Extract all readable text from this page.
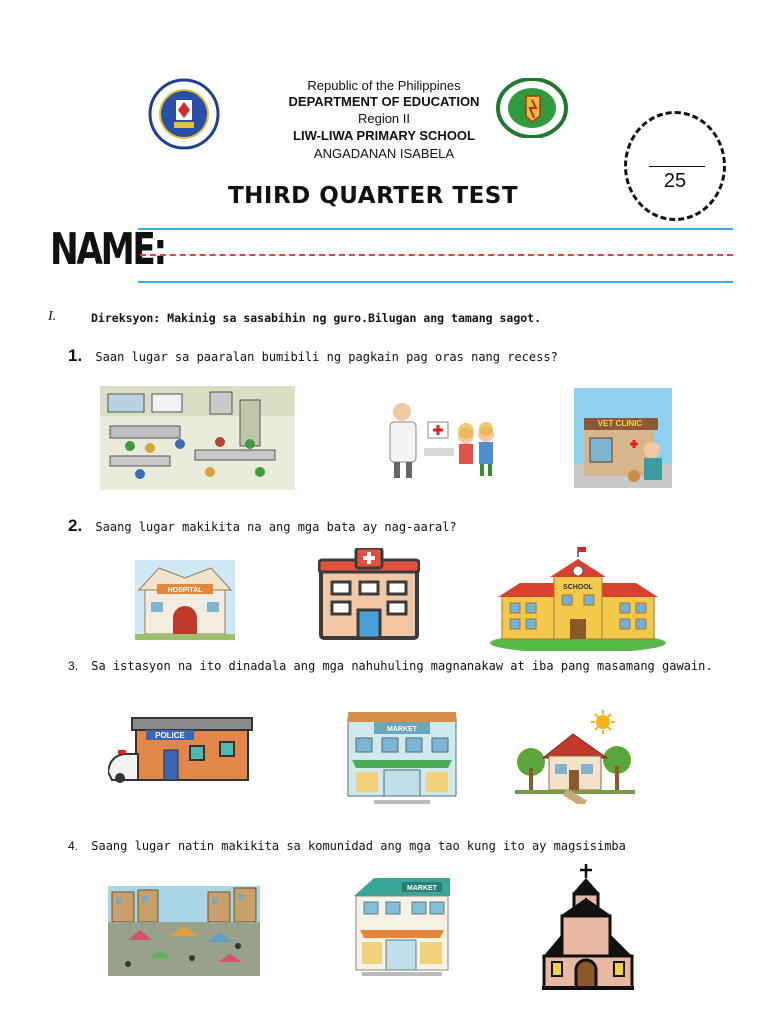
Republic of the Philippines
DEPARTMENT OF EDUCATION
Region II
LIW-LIWA PRIMARY SCHOOL
ANGADANAN ISABELA
25
THIRD QUARTER TEST
NAME:
I.	Direksyon: Makinig sa sasabihin ng guro.Bilugan ang tamang sagot.
1. Saan lugar sa paaralan bumibili ng pagkain pag oras nang recess?
VET CLINIC
2. Saang lugar makikita na ang mga bata ay nag-aaral?
HOSPITAL	SCHOOL
3. Sa istasyon na ito dinadala ang mga nahuhuling magnanakaw at iba pang masamang gawain.
POLICE
MARKET
4. Saang lugar natin makikita sa komunidad ang mga tao kung ito ay magsisimba
MARKET
